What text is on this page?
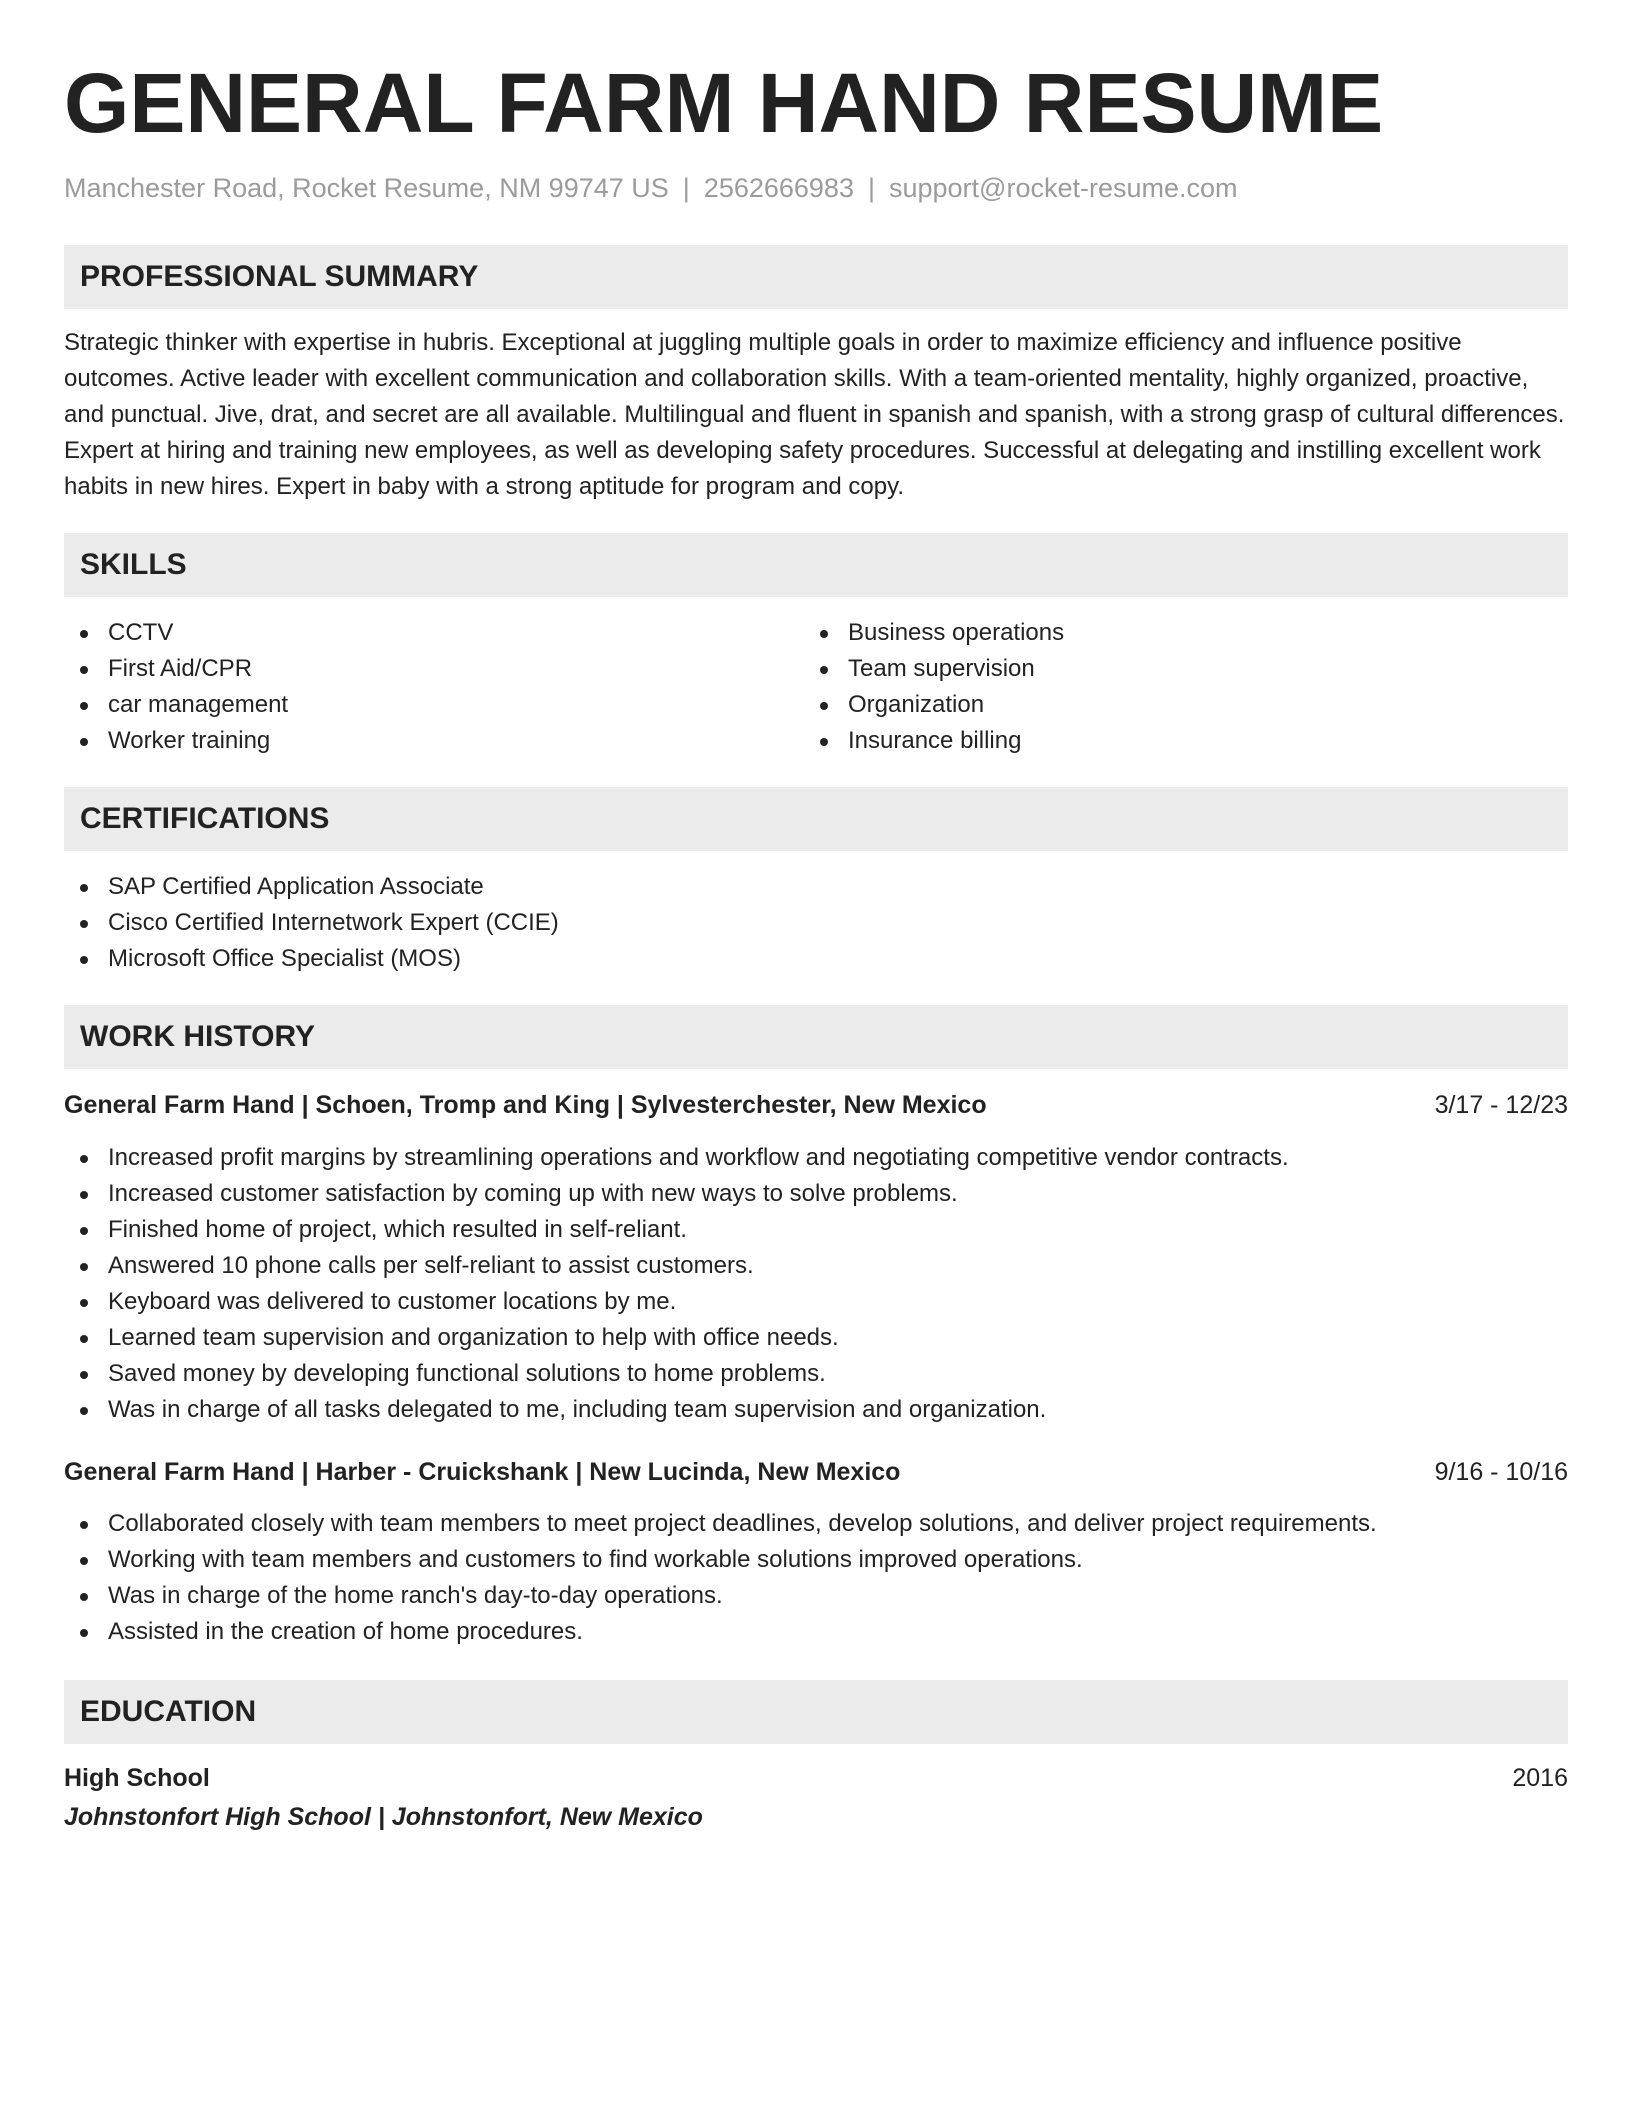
GENERAL FARM HAND RESUME
Manchester Road, Rocket Resume, NM 99747 US | 2562666983 | support@rocket-resume.com
PROFESSIONAL SUMMARY

Strategic thinker with expertise in hubris. Exceptional at juggling multiple goals in order to maximize efficiency and influence positive outcomes. Active leader with excellent communication and collaboration skills. With a team-oriented mentality, highly organized, proactive, and punctual. Jive, drat, and secret are all available. Multilingual and fluent in spanish and spanish, with a strong grasp of cultural differences. Expert at hiring and training new employees, as well as developing safety procedures. Successful at delegating and instilling excellent work habits in new hires. Expert in baby with a strong aptitude for program and copy.

SKILLS
CCTV
First Aid/CPR
car management
Worker training
Business operations
Team supervision
Organization
Insurance billing
CERTIFICATIONS
SAP Certified Application Associate
Cisco Certified Internetwork Expert (CCIE)
Microsoft Office Specialist (MOS)
WORK HISTORY
General Farm Hand | Schoen, Tromp and King | Sylvesterchester, New Mexico	3/17 - 12/23
Increased profit margins by streamlining operations and workflow and negotiating competitive vendor contracts.
Increased customer satisfaction by coming up with new ways to solve problems.
Finished home of project, which resulted in self-reliant.
Answered 10 phone calls per self-reliant to assist customers.
Keyboard was delivered to customer locations by me.
Learned team supervision and organization to help with office needs.
Saved money by developing functional solutions to home problems.
Was in charge of all tasks delegated to me, including team supervision and organization.
General Farm Hand | Harber - Cruickshank | New Lucinda, New Mexico	9/16 - 10/16
Collaborated closely with team members to meet project deadlines, develop solutions, and deliver project requirements.
Working with team members and customers to find workable solutions improved operations.
Was in charge of the home ranch's day-to-day operations.
Assisted in the creation of home procedures.
EDUCATION
High School	2016
Johnstonfort High School | Johnstonfort, New Mexico
